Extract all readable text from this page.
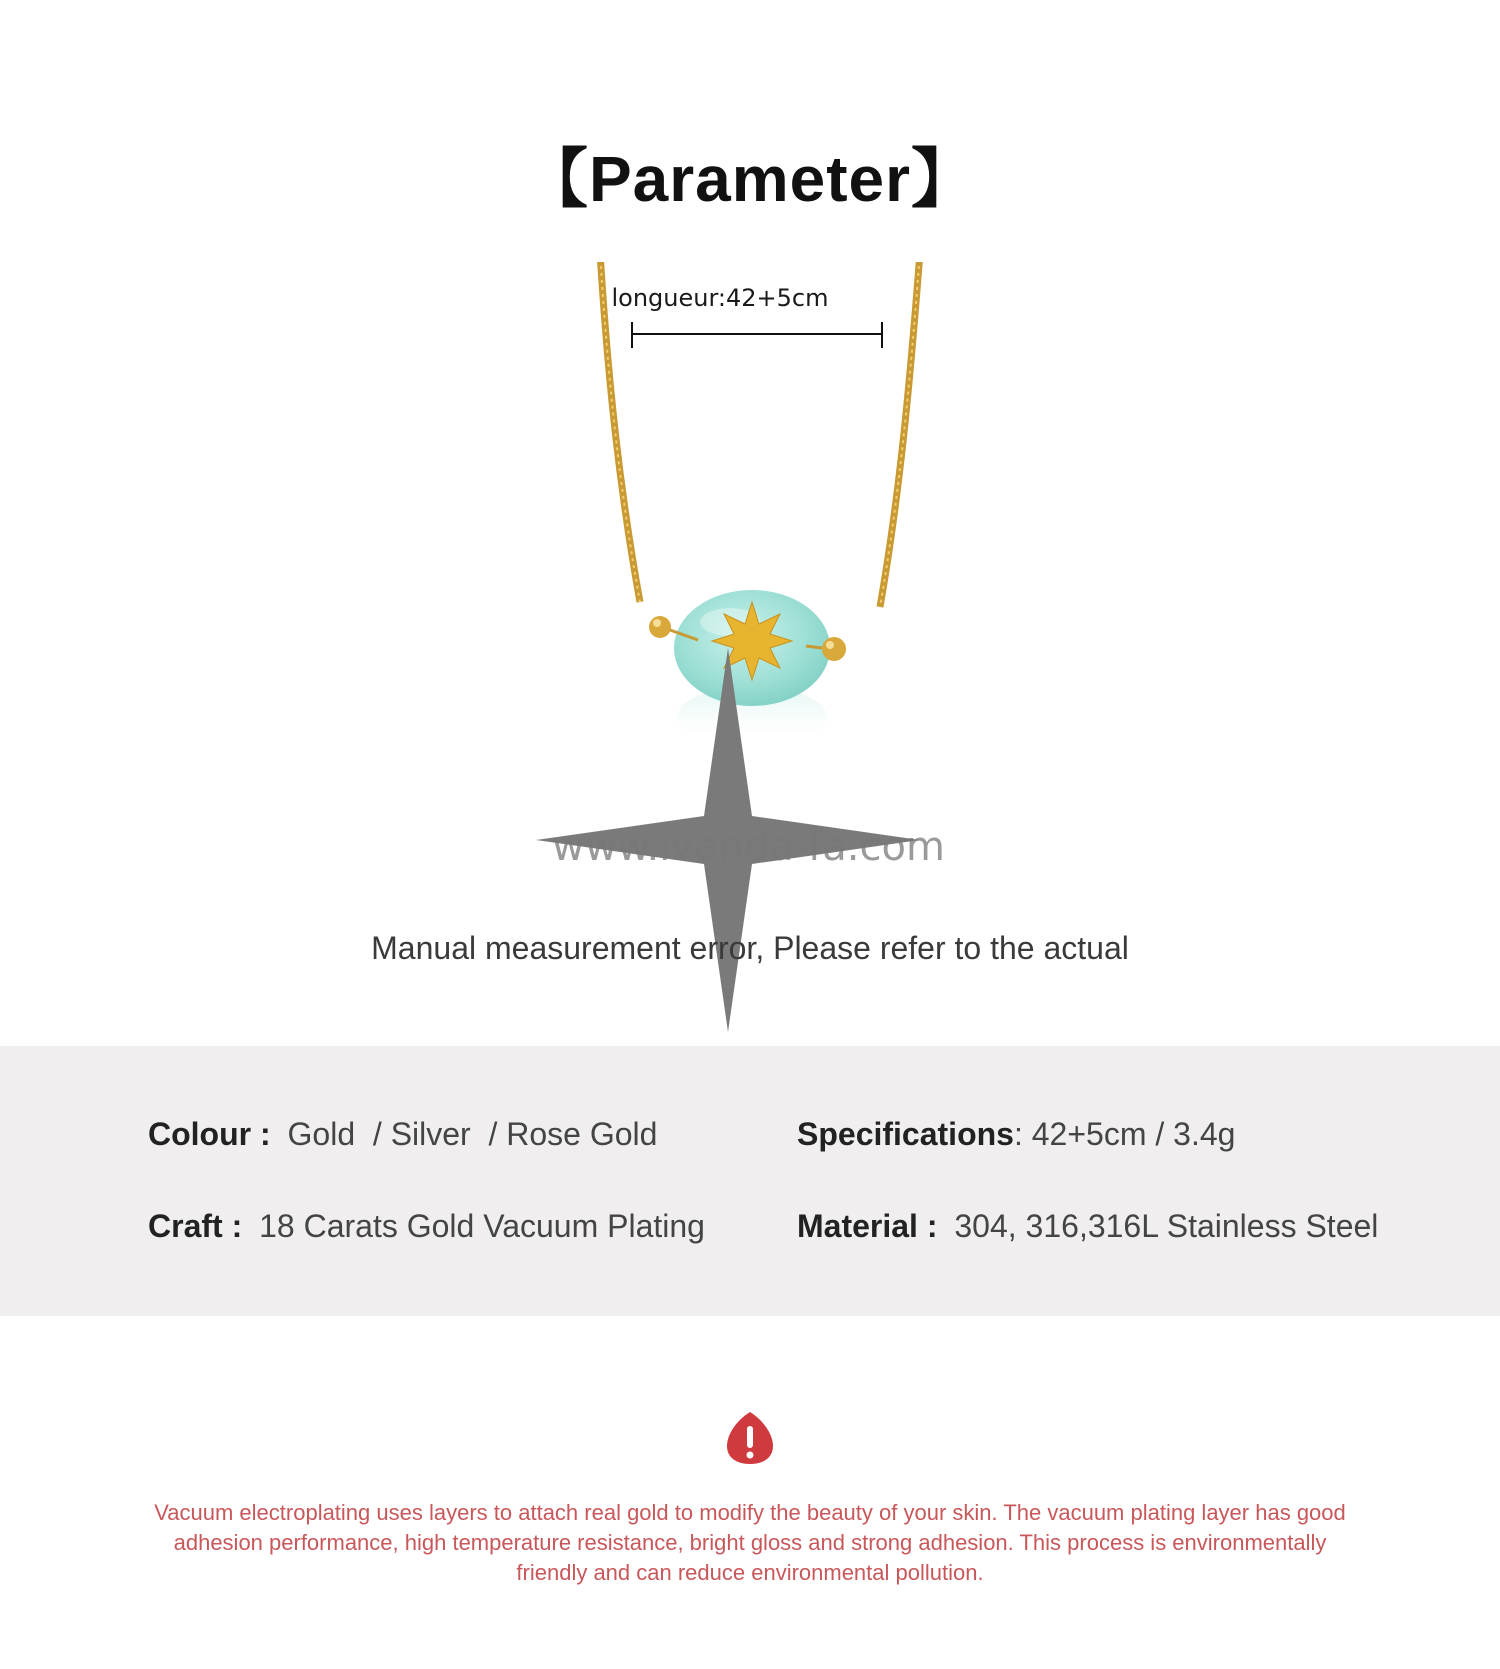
【Parameter】
longueur:42+5cm
www.ivanda-fa.com
Manual measurement error, Please refer to the actual
Colour : Gold  / Silver  / Rose Gold	Specifications: 42+5cm / 3.4g
Craft : 18 Carats Gold Vacuum Plating	Material : 304, 316,316L Stainless Steel
Vacuum electroplating uses layers to attach real gold to modify the beauty of your skin. The vacuum plating layer has good adhesion performance, high temperature resistance, bright gloss and strong adhesion. This process is environmentally friendly and can reduce environmental pollution.
